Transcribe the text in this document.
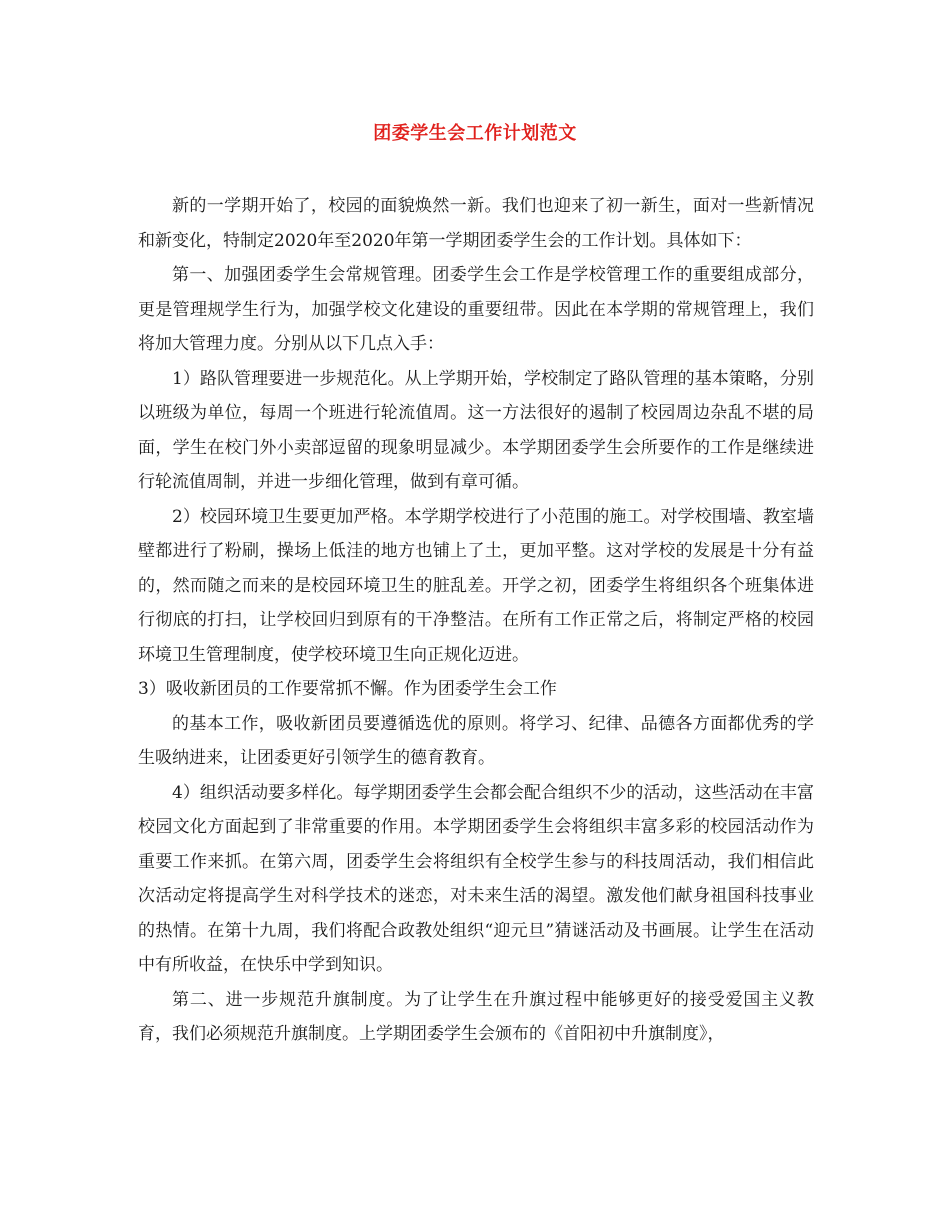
团委学生会工作计划范文

新的一学期开始了，校园的面貌焕然一新。我们也迎来了初一新生，面对一些新情况和新变化，特制定2020年至2020年第一学期团委学生会的工作计划。具体如下：

第一、加强团委学生会常规管理。团委学生会工作是学校管理工作的重要组成部分，更是管理规学生行为，加强学校文化建设的重要纽带。因此在本学期的常规管理上，我们将加大管理力度。分别从以下几点入手：

1）路队管理要进一步规范化。从上学期开始，学校制定了路队管理的基本策略，分别以班级为单位，每周一个班进行轮流值周。这一方法很好的遏制了校园周边杂乱不堪的局面，学生在校门外小卖部逗留的现象明显减少。本学期团委学生会所要作的工作是继续进行轮流值周制，并进一步细化管理，做到有章可循。

2）校园环境卫生要更加严格。本学期学校进行了小范围的施工。对学校围墙、教室墙壁都进行了粉刷，操场上低洼的地方也铺上了土，更加平整。这对学校的发展是十分有益的，然而随之而来的是校园环境卫生的脏乱差。开学之初，团委学生将组织各个班集体进行彻底的打扫，让学校回归到原有的干净整洁。在所有工作正常之后，将制定严格的校园环境卫生管理制度，使学校环境卫生向正规化迈进。

3）吸收新团员的工作要常抓不懈。作为团委学生会工作

的基本工作，吸收新团员要遵循选优的原则。将学习、纪律、品德各方面都优秀的学生吸纳进来，让团委更好引领学生的德育教育。

4）组织活动要多样化。每学期团委学生会都会配合组织不少的活动，这些活动在丰富校园文化方面起到了非常重要的作用。本学期团委学生会将组织丰富多彩的校园活动作为重要工作来抓。在第六周，团委学生会将组织有全校学生参与的科技周活动，我们相信此次活动定将提高学生对科学技术的迷恋，对未来生活的渴望。激发他们献身祖国科技事业的热情。在第十九周，我们将配合政教处组织“迎元旦”猜谜活动及书画展。让学生在活动中有所收益，在快乐中学到知识。

第二、进一步规范升旗制度。为了让学生在升旗过程中能够更好的接受爱国主义教育，我们必须规范升旗制度。上学期团委学生会颁布的《首阳初中升旗制度》，
